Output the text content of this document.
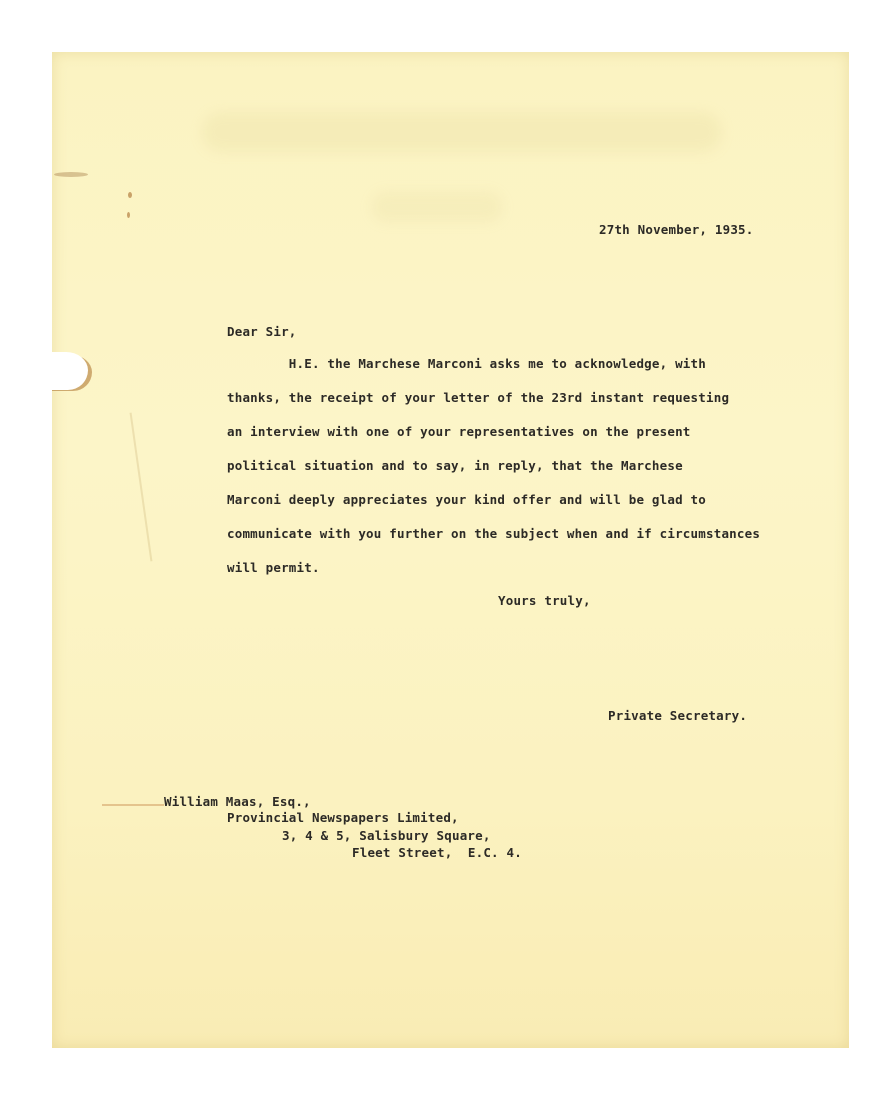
27th November, 1935.
Dear Sir,
H.E. the Marchese Marconi asks me to acknowledge, with
thanks, the receipt of your letter of the 23rd instant requesting
an interview with one of your representatives on the present
political situation and to say, in reply, that the Marchese
Marconi deeply appreciates your kind offer and will be glad to
communicate with you further on the subject when and if circumstances
will permit.
Yours truly,
Private Secretary.
William Maas, Esq.,
Provincial Newspapers Limited,
3, 4 & 5, Salisbury Square,
Fleet Street,  E.C. 4.
